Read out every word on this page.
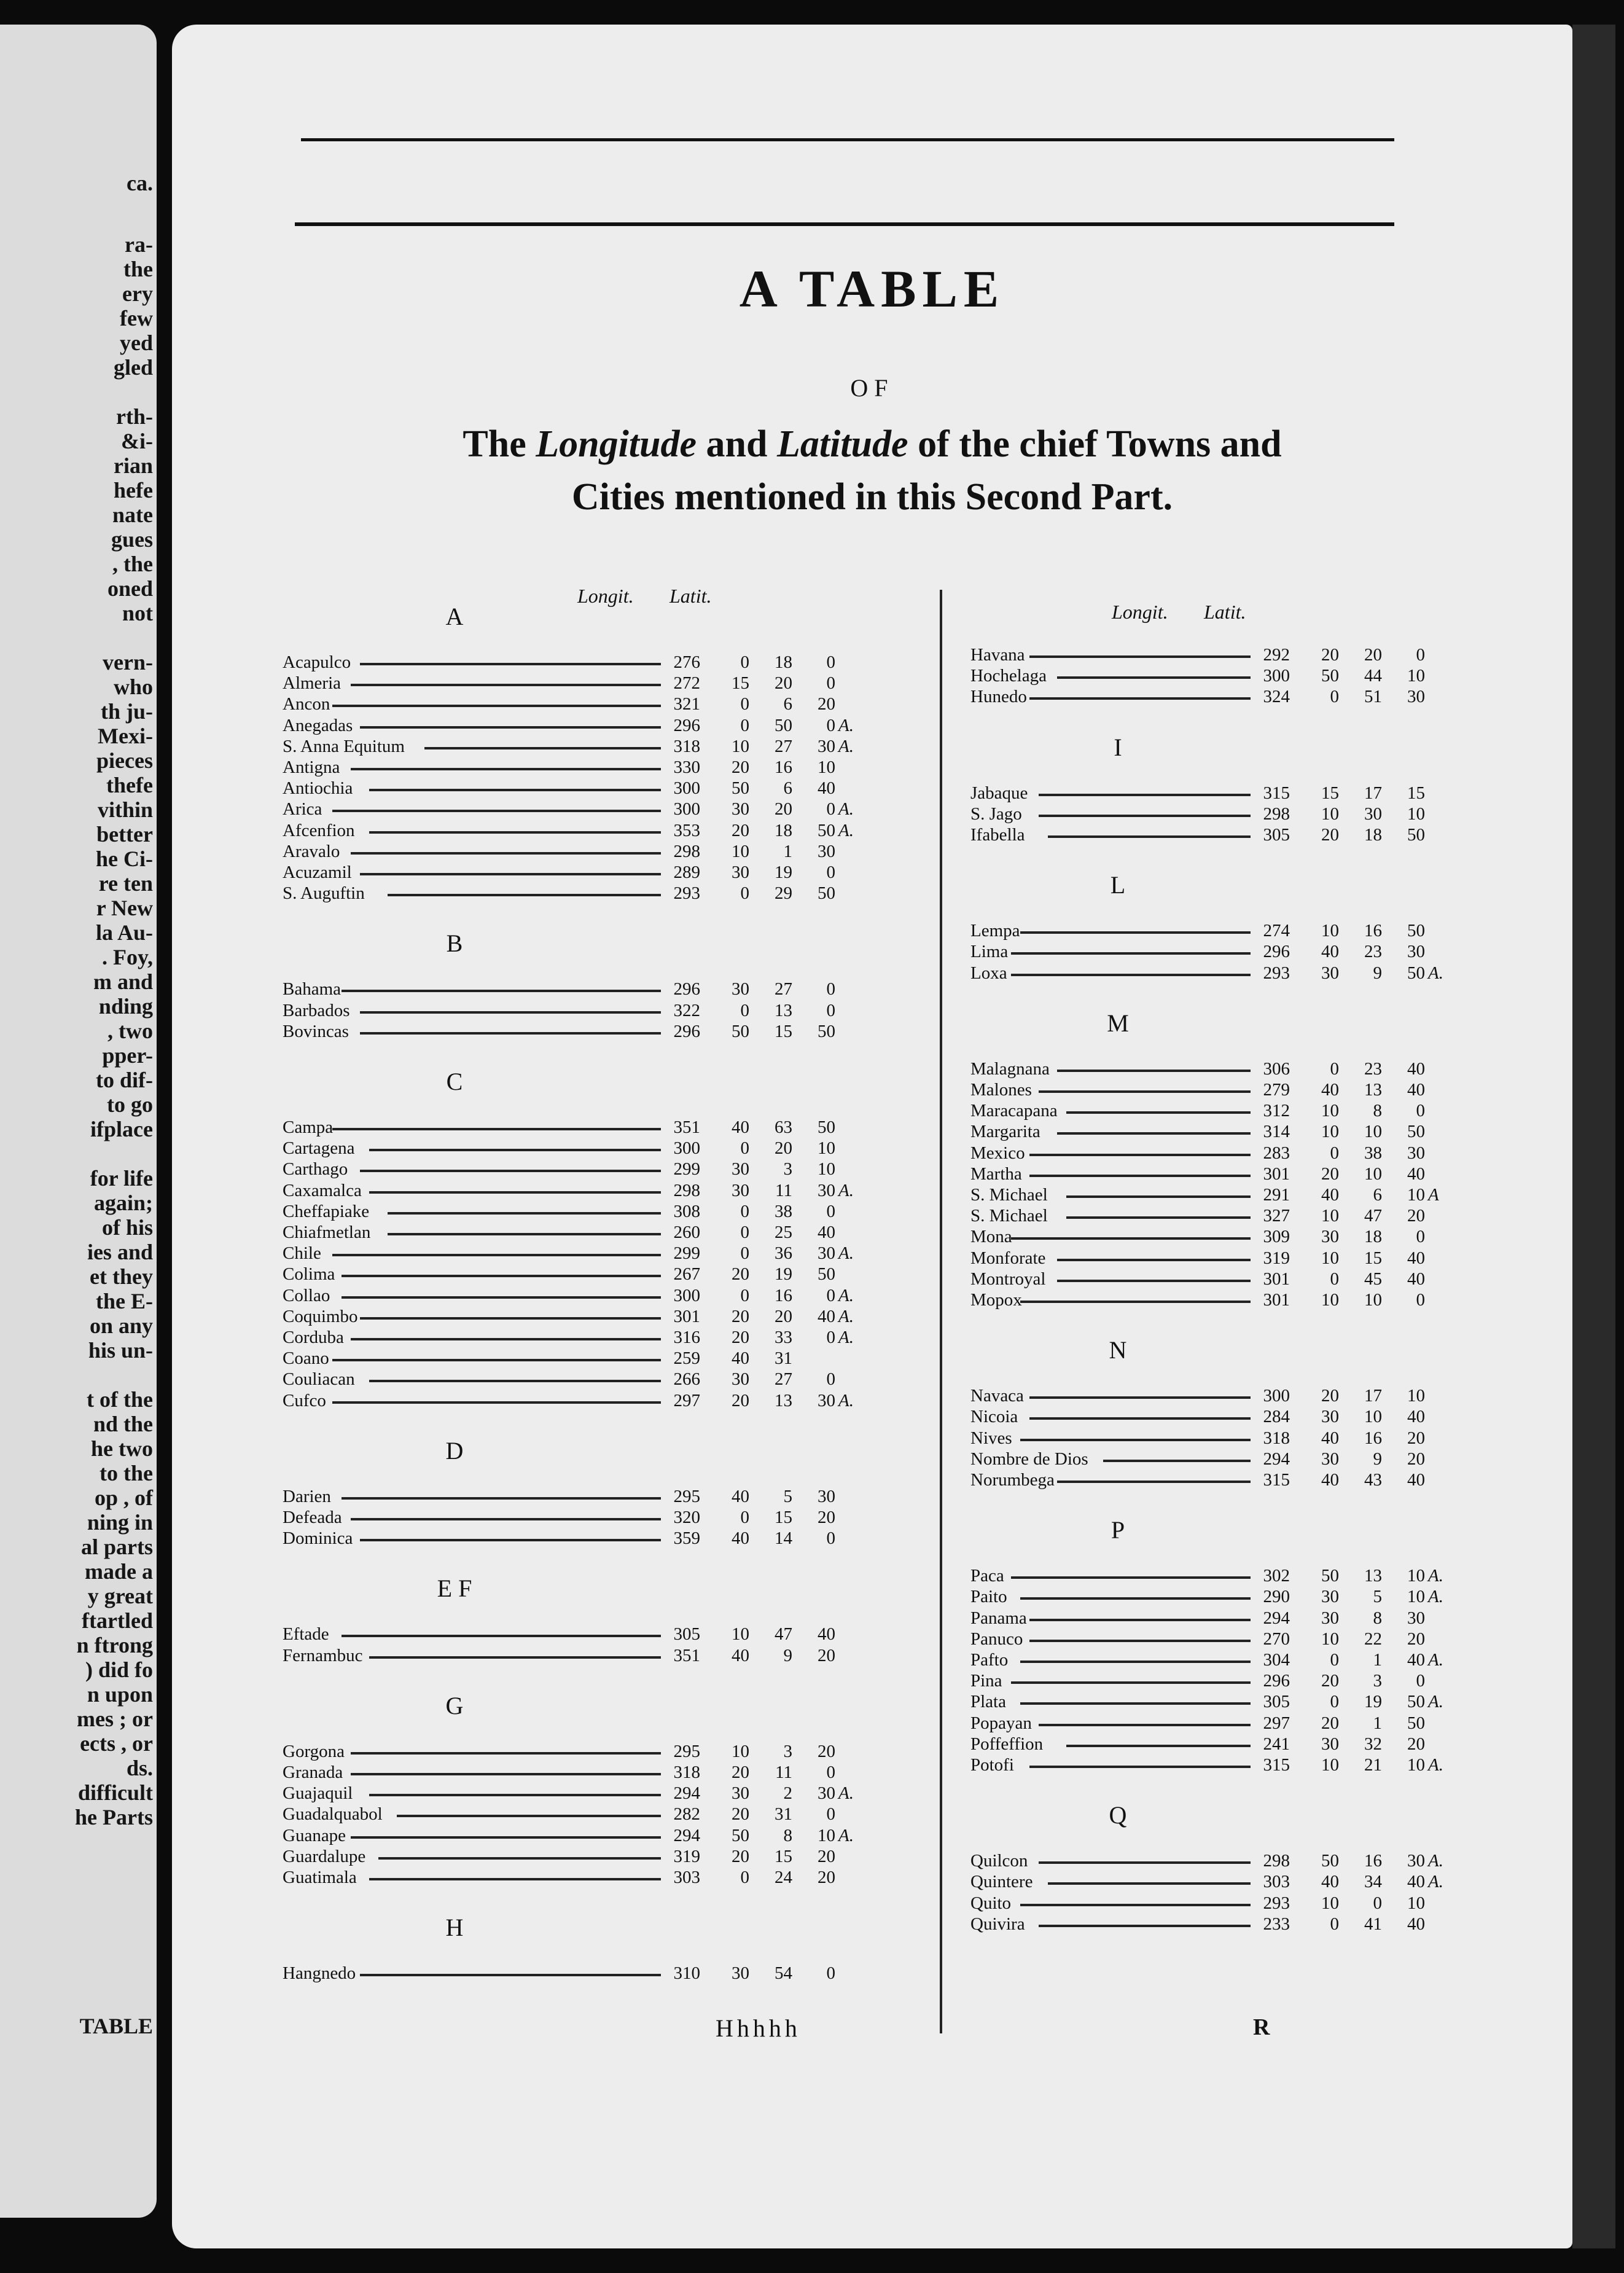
ca.
ra-
the
ery
few
yed
gled
rth-
&i-
rian
hefe
nate
gues
, the
oned
not
vern-
who
th ju-
Mexi-
pieces
thefe
vithin
better
he Ci-
re ten
r New
la Au-
. Foy,
m and
nding
, two
pper-
to dif-
to go
ifplace
for life
again;
of his
ies and
et they
the E-
on any
his un-
t of the
nd the
he two
to the
op , of
ning in
al parts
made a
y great
ftartled
n ftrong
) did fo
n upon
mes ; or
ects , or
ds.
difficult
he Parts
TABLE
A TABLE
OF
The Longitude and Latitude of the chief Towns and
Cities mentioned in this Second Part.
Longit. Latit.
Longit. Latit.
A
Acapulco	276	0	18	0
Almeria	272	15	20	0
Ancon	321	0	6	20
Anegadas	296	0	50	0 A.
S. Anna Equitum	318	10	27	30 A.
Antigna	330	20	16	10
Antiochia	300	50	6	40
Arica	300	30	20	0 A.
Afcenfion	353	20	18	50 A.
Aravalo	298	10	1	30
Acuzamil	289	30	19	0
S. Auguftin	293	0	29	50
B
Bahama	296	30	27	0
Barbados	322	0	13	0
Bovincas	296	50	15	50
C
Campa	351	40	63	50
Cartagena	300	0	20	10
Carthago	299	30	3	10
Caxamalca	298	30	11	30 A.
Cheffapiake	308	0	38	0
Chiafmetlan	260	0	25	40
Chile	299	0	36	30 A.
Colima	267	20	19	50
Collao	300	0	16	0 A.
Coquimbo	301	20	20	40 A.
Corduba	316	20	33	0 A.
Coano	259	40	31
Couliacan	266	30	27	0
Cufco	297	20	13	30 A.
D
Darien	295	40	5	30
Defeada	320	0	15	20
Dominica	359	40	14	0
E F
Eftade	305	10	47	40
Fernambuc	351	40	9	20
G
Gorgona	295	10	3	20
Granada	318	20	11	0
Guajaquil	294	30	2	30 A.
Guadalquabol	282	20	31	0
Guanape	294	50	8	10 A.
Guardalupe	319	20	15	20
Guatimala	303	0	24	20
H
Hangnedo	310	30	54	0
Havana	292	20	20	0
Hochelaga	300	50	44	10
Hunedo	324	0	51	30
I
Jabaque	315	15	17	15
S. Jago	298	10	30	10
Ifabella	305	20	18	50
L
Lempa	274	10	16	50
Lima	296	40	23	30
Loxa	293	30	9	50 A.
M
Malagnana	306	0	23	40
Malones	279	40	13	40
Maracapana	312	10	8	0
Margarita	314	10	10	50
Mexico	283	0	38	30
Martha	301	20	10	40
S. Michael	291	40	6	10 A
S. Michael	327	10	47	20
Mona	309	30	18	0
Monforate	319	10	15	40
Montroyal	301	0	45	40
Mopox	301	10	10	0
N
Navaca	300	20	17	10
Nicoia	284	30	10	40
Nives	318	40	16	20
Nombre de Dios	294	30	9	20
Norumbega	315	40	43	40
P
Paca	302	50	13	10 A.
Paito	290	30	5	10 A.
Panama	294	30	8	30
Panuco	270	10	22	20
Pafto	304	0	1	40 A.
Pina	296	20	3	0
Plata	305	0	19	50 A.
Popayan	297	20	1	50
Poffeffion	241	30	32	20
Potofi	315	10	21	10 A.
Q
Quilcon	298	50	16	30 A.
Quintere	303	40	34	40 A.
Quito	293	10	0	10
Quivira	233	0	41	40
Hhhhh	R
